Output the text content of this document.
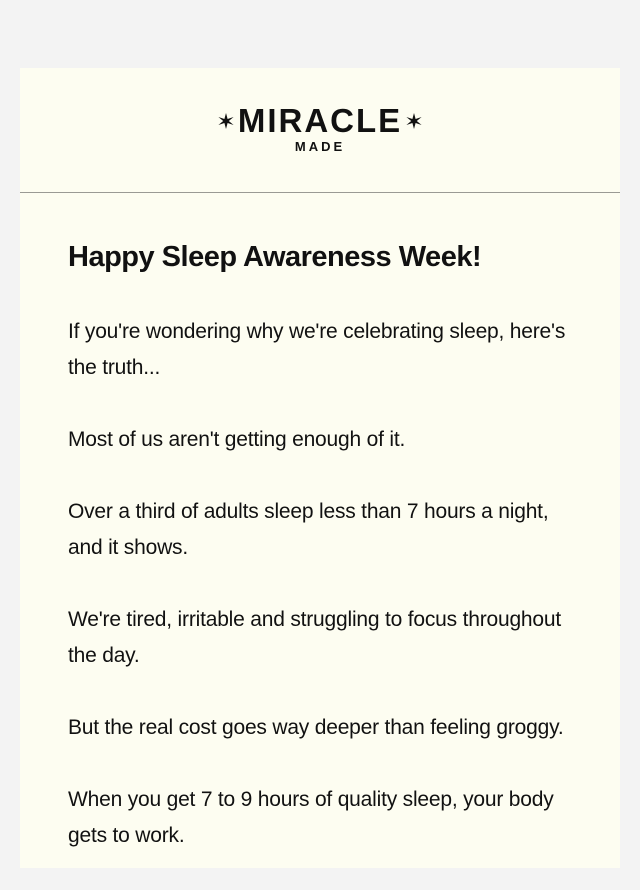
MIRACLE
MADE
Happy Sleep Awareness Week!

If you're wondering why we're celebrating sleep, here's the truth...

Most of us aren't getting enough of it.

Over a third of adults sleep less than 7 hours a night, and it shows.

We're tired, irritable and struggling to focus throughout the day.

But the real cost goes way deeper than feeling groggy.

When you get 7 to 9 hours of quality sleep, your body gets to work.
